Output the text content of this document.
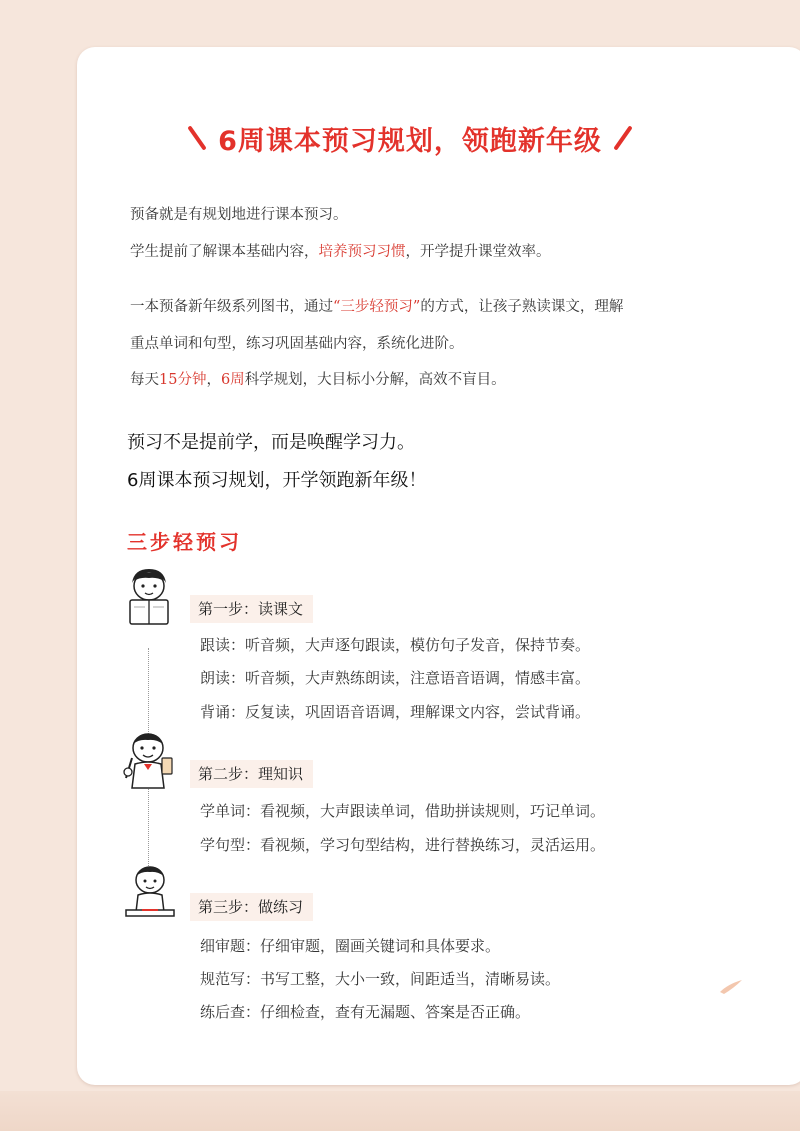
6周课本预习规划，领跑新年级
预备就是有规划地进行课本预习。
学生提前了解课本基础内容，培养预习习惯，开学提升课堂效率。
一本预备新年级系列图书，通过“三步轻预习”的方式，让孩子熟读课文，理解
重点单词和句型，练习巩固基础内容，系统化进阶。
每天15分钟，6周科学规划，大目标小分解，高效不盲目。
预习不是提前学，而是唤醒学习力。
6周课本预习规划，开学领跑新年级！
三步轻预习
第一步：读课文
跟读：听音频，大声逐句跟读，模仿句子发音，保持节奏。
朗读：听音频，大声熟练朗读，注意语音语调，情感丰富。
背诵：反复读，巩固语音语调，理解课文内容，尝试背诵。
第二步：理知识
学单词：看视频，大声跟读单词，借助拼读规则，巧记单词。
学句型：看视频，学习句型结构，进行替换练习，灵活运用。
第三步：做练习
细审题：仔细审题，圈画关键词和具体要求。
规范写：书写工整，大小一致，间距适当，清晰易读。
练后查：仔细检查，查有无漏题、答案是否正确。
